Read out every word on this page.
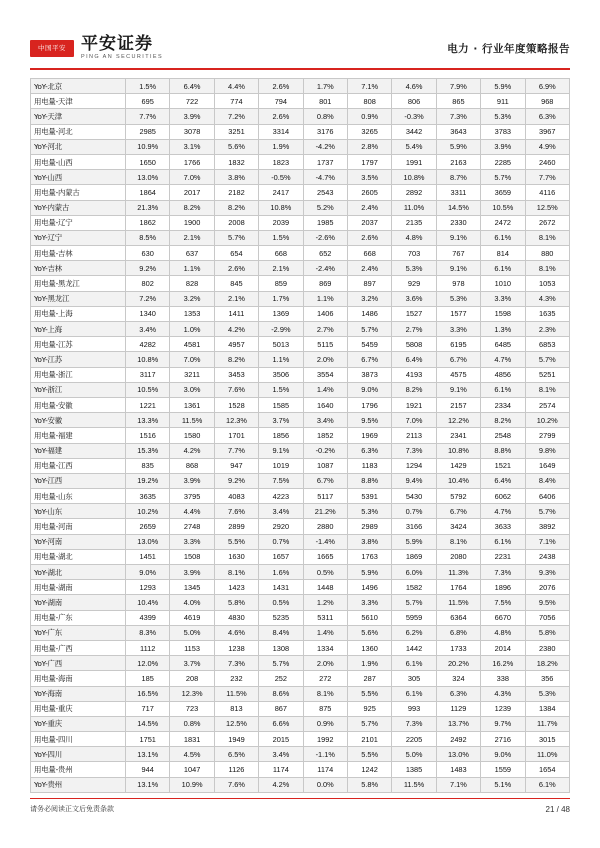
中国平安 平安证券
PING AN SECURITIES
电力 · 行业年度策略报告
YoY-北京	1.5%	6.4%	4.4%	2.6%	1.7%	7.1%	4.6%	7.9%	5.9%	6.9%
用电量-天津	695	722	774	794	801	808	806	865	911	968
YoY-天津	7.7%	3.9%	7.2%	2.6%	0.8%	0.9%	-0.3%	7.3%	5.3%	6.3%
用电量-河北	2985	3078	3251	3314	3176	3265	3442	3643	3783	3967
YoY-河北	10.9%	3.1%	5.6%	1.9%	-4.2%	2.8%	5.4%	5.9%	3.9%	4.9%
用电量-山西	1650	1766	1832	1823	1737	1797	1991	2163	2285	2460
YoY-山西	13.0%	7.0%	3.8%	-0.5%	-4.7%	3.5%	10.8%	8.7%	5.7%	7.7%
用电量-内蒙古	1864	2017	2182	2417	2543	2605	2892	3311	3659	4116
YoY-内蒙古	21.3%	8.2%	8.2%	10.8%	5.2%	2.4%	11.0%	14.5%	10.5%	12.5%
用电量-辽宁	1862	1900	2008	2039	1985	2037	2135	2330	2472	2672
YoY-辽宁	8.5%	2.1%	5.7%	1.5%	-2.6%	2.6%	4.8%	9.1%	6.1%	8.1%
用电量-吉林	630	637	654	668	652	668	703	767	814	880
YoY-吉林	9.2%	1.1%	2.6%	2.1%	-2.4%	2.4%	5.3%	9.1%	6.1%	8.1%
用电量-黑龙江	802	828	845	859	869	897	929	978	1010	1053
YoY-黑龙江	7.2%	3.2%	2.1%	1.7%	1.1%	3.2%	3.6%	5.3%	3.3%	4.3%
用电量-上海	1340	1353	1411	1369	1406	1486	1527	1577	1598	1635
YoY-上海	3.4%	1.0%	4.2%	-2.9%	2.7%	5.7%	2.7%	3.3%	1.3%	2.3%
用电量-江苏	4282	4581	4957	5013	5115	5459	5808	6195	6485	6853
YoY-江苏	10.8%	7.0%	8.2%	1.1%	2.0%	6.7%	6.4%	6.7%	4.7%	5.7%
用电量-浙江	3117	3211	3453	3506	3554	3873	4193	4575	4856	5251
YoY-浙江	10.5%	3.0%	7.6%	1.5%	1.4%	9.0%	8.2%	9.1%	6.1%	8.1%
用电量-安徽	1221	1361	1528	1585	1640	1796	1921	2157	2334	2574
YoY-安徽	13.3%	11.5%	12.3%	3.7%	3.4%	9.5%	7.0%	12.2%	8.2%	10.2%
用电量-福建	1516	1580	1701	1856	1852	1969	2113	2341	2548	2799
YoY-福建	15.3%	4.2%	7.7%	9.1%	-0.2%	6.3%	7.3%	10.8%	8.8%	9.8%
用电量-江西	835	868	947	1019	1087	1183	1294	1429	1521	1649
YoY-江西	19.2%	3.9%	9.2%	7.5%	6.7%	8.8%	9.4%	10.4%	6.4%	8.4%
用电量-山东	3635	3795	4083	4223	5117	5391	5430	5792	6062	6406
YoY-山东	10.2%	4.4%	7.6%	3.4%	21.2%	5.3%	0.7%	6.7%	4.7%	5.7%
用电量-河南	2659	2748	2899	2920	2880	2989	3166	3424	3633	3892
YoY-河南	13.0%	3.3%	5.5%	0.7%	-1.4%	3.8%	5.9%	8.1%	6.1%	7.1%
用电量-湖北	1451	1508	1630	1657	1665	1763	1869	2080	2231	2438
YoY-湖北	9.0%	3.9%	8.1%	1.6%	0.5%	5.9%	6.0%	11.3%	7.3%	9.3%
用电量-湖南	1293	1345	1423	1431	1448	1496	1582	1764	1896	2076
YoY-湖南	10.4%	4.0%	5.8%	0.5%	1.2%	3.3%	5.7%	11.5%	7.5%	9.5%
用电量-广东	4399	4619	4830	5235	5311	5610	5959	6364	6670	7056
YoY-广东	8.3%	5.0%	4.6%	8.4%	1.4%	5.6%	6.2%	6.8%	4.8%	5.8%
用电量-广西	1112	1153	1238	1308	1334	1360	1442	1733	2014	2380
YoY-广西	12.0%	3.7%	7.3%	5.7%	2.0%	1.9%	6.1%	20.2%	16.2%	18.2%
用电量-海南	185	208	232	252	272	287	305	324	338	356
YoY-海南	16.5%	12.3%	11.5%	8.6%	8.1%	5.5%	6.1%	6.3%	4.3%	5.3%
用电量-重庆	717	723	813	867	875	925	993	1129	1239	1384
YoY-重庆	14.5%	0.8%	12.5%	6.6%	0.9%	5.7%	7.3%	13.7%	9.7%	11.7%
用电量-四川	1751	1831	1949	2015	1992	2101	2205	2492	2716	3015
YoY-四川	13.1%	4.5%	6.5%	3.4%	-1.1%	5.5%	5.0%	13.0%	9.0%	11.0%
用电量-贵州	944	1047	1126	1174	1174	1242	1385	1483	1559	1654
YoY-贵州	13.1%	10.9%	7.6%	4.2%	0.0%	5.8%	11.5%	7.1%	5.1%	6.1%
请务必阅读正文后免责条款	21 / 48
